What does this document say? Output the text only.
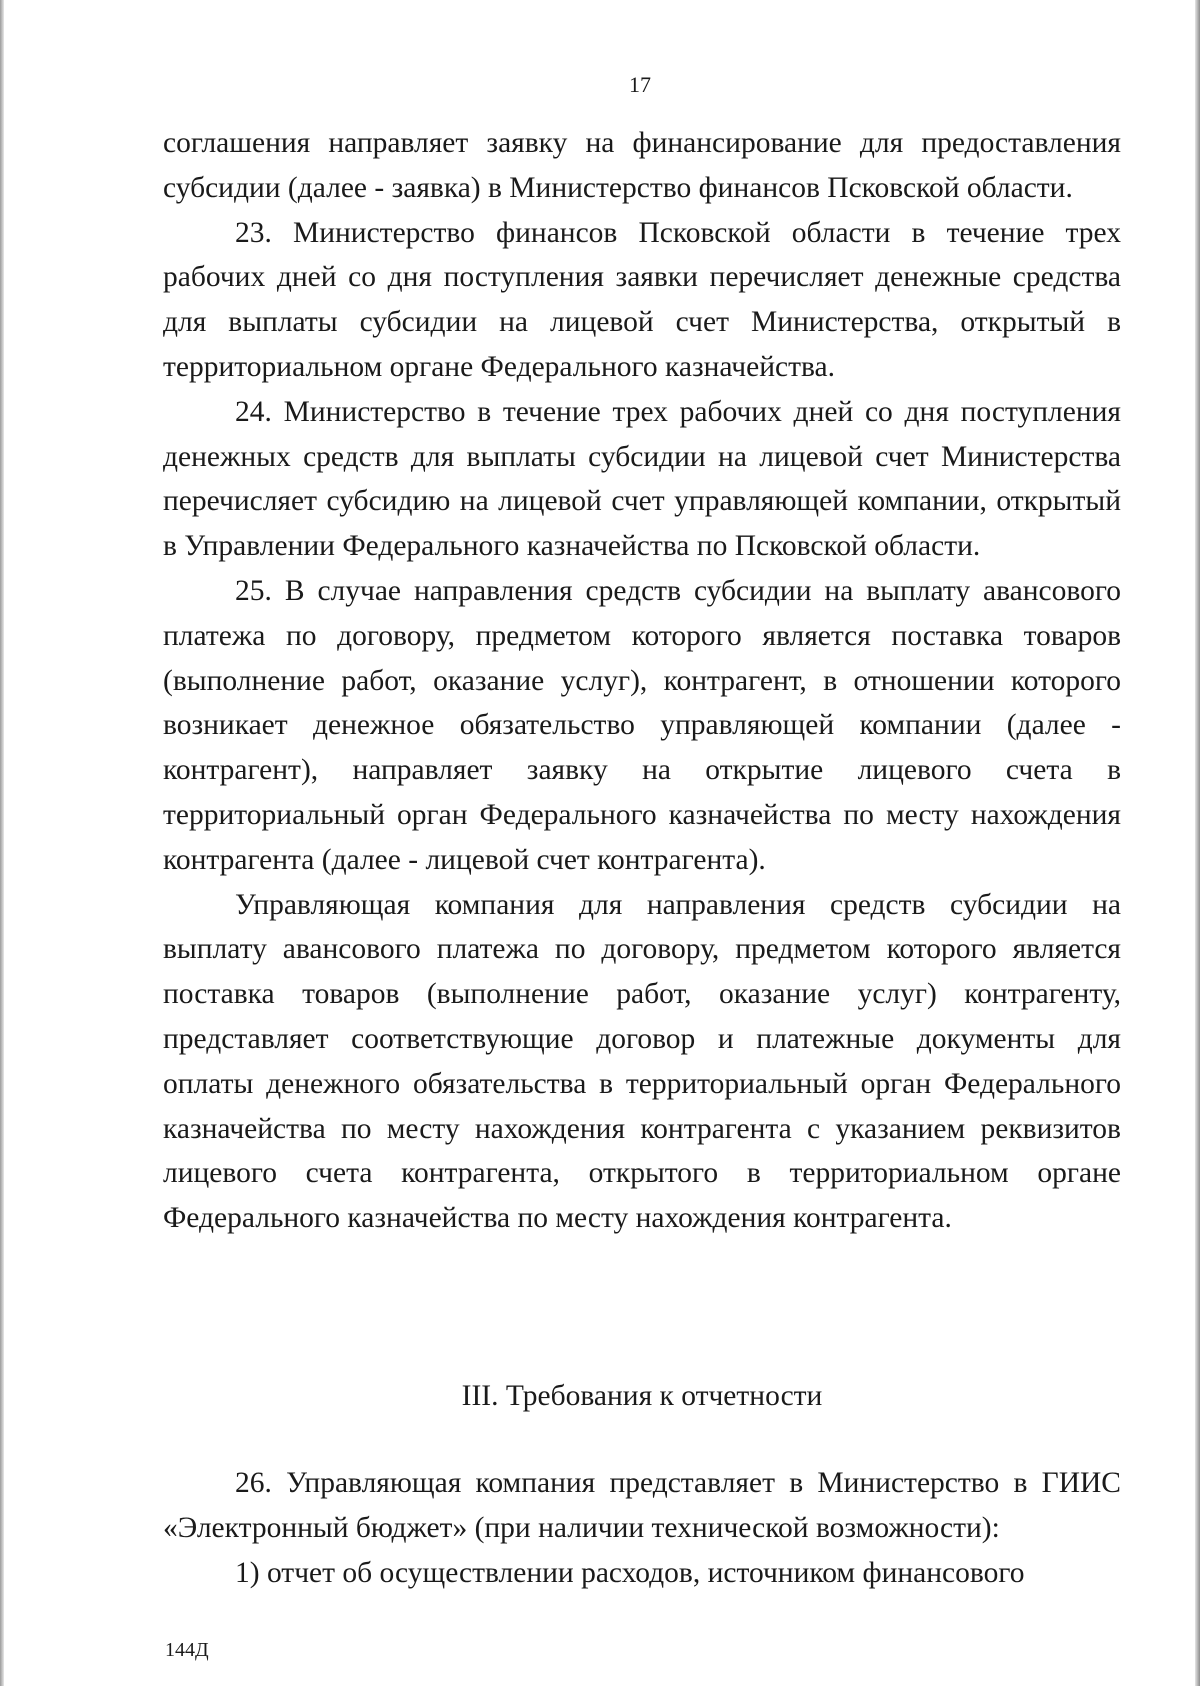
17

соглашения направляет заявку на финансирование для предоставления субсидии (далее - заявка) в Министерство финансов Псковской области.

23. Министерство финансов Псковской области в течение трех рабочих дней со дня поступления заявки перечисляет денежные средства для выплаты субсидии на лицевой счет Министерства, открытый в территориальном органе Федерального казначейства.

24. Министерство в течение трех рабочих дней со дня поступления денежных средств для выплаты субсидии на лицевой счет Министерства перечисляет субсидию на лицевой счет управляющей компании, открытый в Управлении Федерального казначейства по Псковской области.

25. В случае направления средств субсидии на выплату авансового платежа по договору, предметом которого является поставка товаров (выполнение работ, оказание услуг), контрагент, в отношении которого возникает денежное обязательство управляющей компании (далее - контрагент), направляет заявку на открытие лицевого счета в территориальный орган Федерального казначейства по месту нахождения контрагента (далее - лицевой счет контрагента).

Управляющая компания для направления средств субсидии на выплату авансового платежа по договору, предметом которого является поставка товаров (выполнение работ, оказание услуг) контрагенту, представляет соответствующие договор и платежные документы для оплаты денежного обязательства в территориальный орган Федерального казначейства по месту нахождения контрагента с указанием реквизитов лицевого счета контрагента, открытого в территориальном органе Федерального казначейства по месту нахождения контрагента.

III. Требования к отчетности

26. Управляющая компания представляет в Министерство в ГИИС «Электронный бюджет» (при наличии технической возможности):

1) отчет об осуществлении расходов, источником финансового

144Д
